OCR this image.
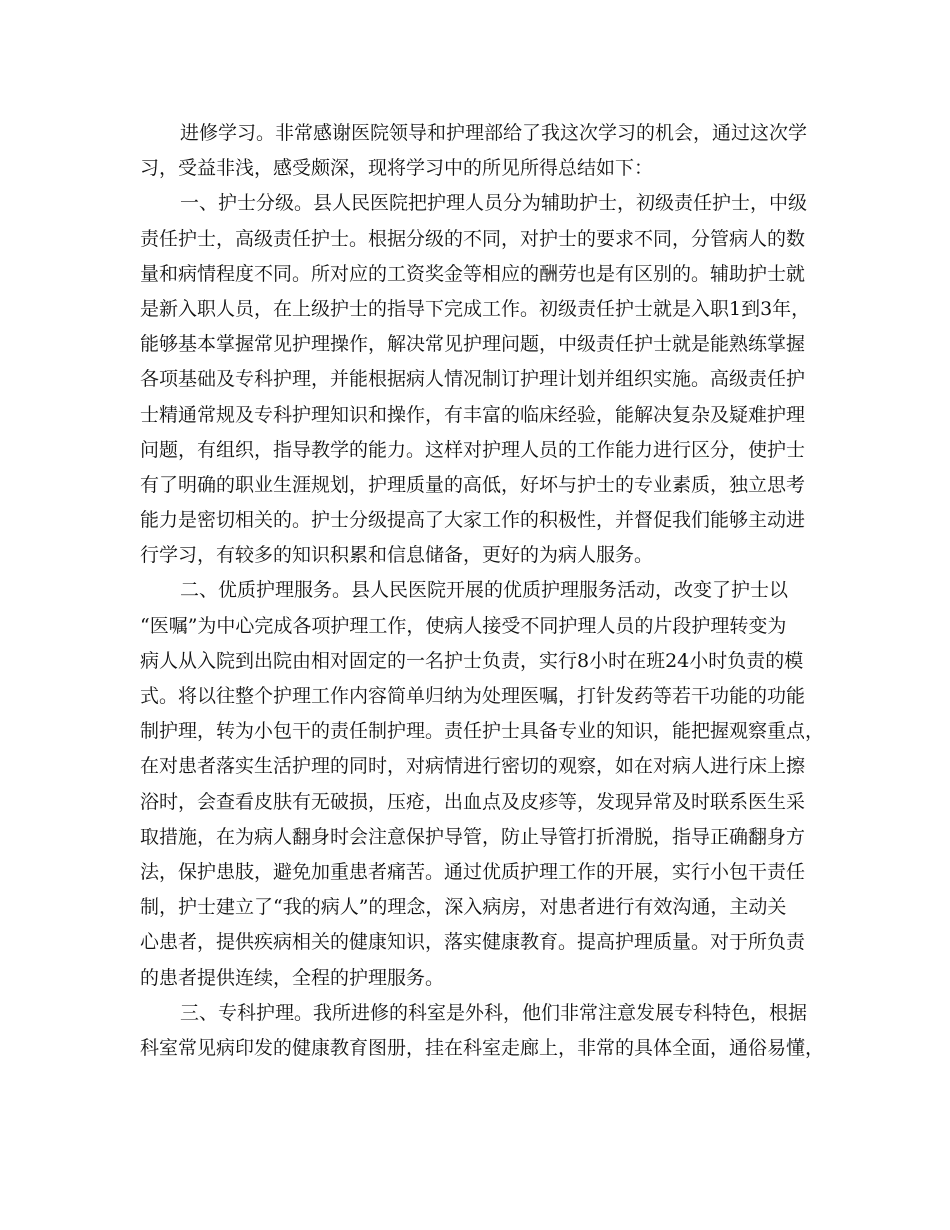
进修学习。非常感谢医院领导和护理部给了我这次学习的机会，通过这次学
习，受益非浅，感受颇深，现将学习中的所见所得总结如下：
一、护士分级。县人民医院把护理人员分为辅助护士，初级责任护士，中级
责任护士，高级责任护士。根据分级的不同，对护士的要求不同，分管病人的数
量和病情程度不同。所对应的工资奖金等相应的酬劳也是有区别的。辅助护士就
是新入职人员，在上级护士的指导下完成工作。初级责任护士就是入职1到3年，
能够基本掌握常见护理操作，解决常见护理问题，中级责任护士就是能熟练掌握
各项基础及专科护理，并能根据病人情况制订护理计划并组织实施。高级责任护
士精通常规及专科护理知识和操作，有丰富的临床经验，能解决复杂及疑难护理
问题，有组织，指导教学的能力。这样对护理人员的工作能力进行区分，使护士
有了明确的职业生涯规划，护理质量的高低，好坏与护士的专业素质，独立思考
能力是密切相关的。护士分级提高了大家工作的积极性，并督促我们能够主动进
行学习，有较多的知识积累和信息储备，更好的为病人服务。
二、优质护理服务。县人民医院开展的优质护理服务活动，改变了护士以
“医嘱”为中心完成各项护理工作，使病人接受不同护理人员的片段护理转变为
病人从入院到出院由相对固定的一名护士负责，实行8小时在班24小时负责的模
式。将以往整个护理工作内容简单归纳为处理医嘱，打针发药等若干功能的功能
制护理，转为小包干的责任制护理。责任护士具备专业的知识，能把握观察重点，
在对患者落实生活护理的同时，对病情进行密切的观察，如在对病人进行床上擦
浴时，会查看皮肤有无破损，压疮，出血点及皮疹等，发现异常及时联系医生采
取措施，在为病人翻身时会注意保护导管，防止导管打折滑脱，指导正确翻身方
法，保护患肢，避免加重患者痛苦。通过优质护理工作的开展，实行小包干责任
制，护士建立了“我的病人”的理念，深入病房，对患者进行有效沟通，主动关
心患者，提供疾病相关的健康知识，落实健康教育。提高护理质量。对于所负责
的患者提供连续，全程的护理服务。
三、专科护理。我所进修的科室是外科，他们非常注意发展专科特色，根据
科室常见病印发的健康教育图册，挂在科室走廊上，非常的具体全面，通俗易懂，
